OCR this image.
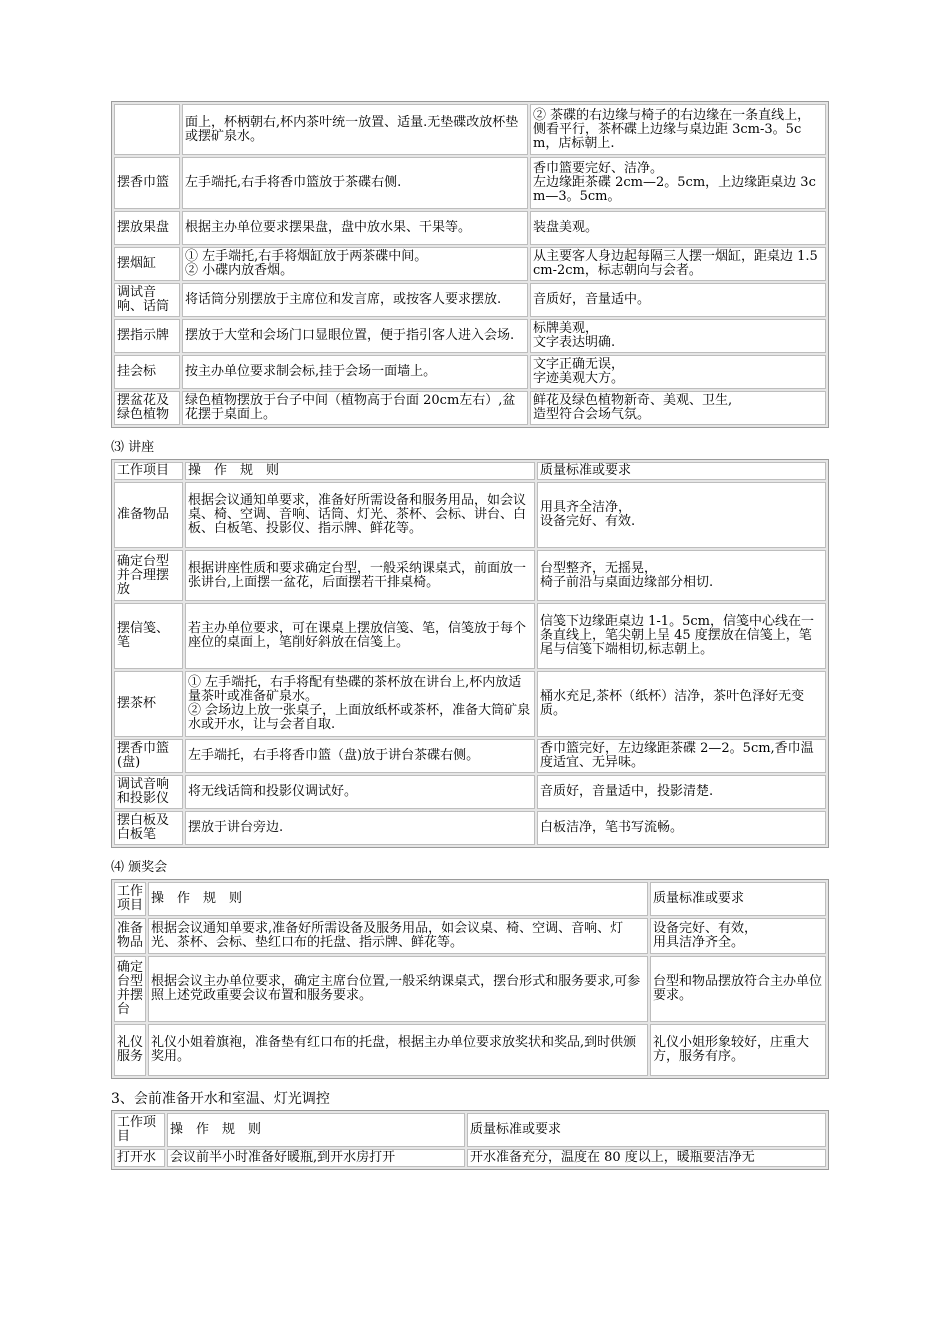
	面上，杯柄朝右,杯内茶叶统一放置、适量.无垫碟改放杯垫或摆矿泉水。	② 茶碟的右边缘与椅子的右边缘在一条直线上，侧看平行，茶杯碟上边缘与桌边距 3cm-3。5cm，店标朝上.
摆香巾篮	左手端托,右手将香巾篮放于茶碟右侧.	香巾篮要完好、洁净。
左边缘距茶碟 2cm—2。5cm，上边缘距桌边 3cm—3。5cm。
摆放果盘	根据主办单位要求摆果盘，盘中放水果、干果等。	装盘美观。
摆烟缸	① 左手端托,右手将烟缸放于两茶碟中间。
② 小碟内放香烟。	从主要客人身边起每隔三人摆一烟缸，距桌边 1.5cm-2cm，标志朝向与会者。
调试音响、话筒	将话筒分别摆放于主席位和发言席，或按客人要求摆放.	音质好，音量适中。
摆指示牌	摆放于大堂和会场门口显眼位置，便于指引客人进入会场.	标牌美观，
文字表达明确.
挂会标	按主办单位要求制会标,挂于会场一面墙上。	文字正确无误，
字迹美观大方。
摆盆花及绿色植物	绿色植物摆放于台子中间（植物高于台面 20cm左右）,盆花摆于桌面上。	鲜花及绿色植物新奇、美观、卫生,
造型符合会场气氛。
⑶ 讲座
工作项目	操　作　规　则	质量标准或要求
准备物品	根据会议通知单要求，准备好所需设备和服务用品，如会议桌、椅、空调、音响、话筒、灯光、茶杯、会标、讲台、白板、白板笔、投影仪、指示牌、鲜花等。	用具齐全洁净，
设备完好、有效.
确定台型并合理摆放	根据讲座性质和要求确定台型，一般采纳课桌式，前面放一张讲台,上面摆一盆花，后面摆若干排桌椅。	台型整齐，无摇晃，
椅子前沿与桌面边缘部分相切.
摆信笺、笔	若主办单位要求，可在课桌上摆放信笺、笔，信笺放于每个座位的桌面上，笔削好斜放在信笺上。	信笺下边缘距桌边 1-1。5cm，信笺中心线在一条直线上，笔尖朝上呈 45 度摆放在信笺上，笔尾与信笺下端相切,标志朝上。
摆茶杯	① 左手端托，右手将配有垫碟的茶杯放在讲台上,杯内放适量茶叶或准备矿泉水。
② 会场边上放一张桌子，上面放纸杯或茶杯，准备大筒矿泉水或开水，让与会者自取.	桶水充足,茶杯（纸杯）洁净，茶叶色泽好无变质。
摆香巾篮(盘)	左手端托，右手将香巾篮（盘)放于讲台茶碟右侧。	香巾篮完好，左边缘距茶碟 2—2。5cm,香巾温度适宜、无异味。
调试音响和投影仪	将无线话筒和投影仪调试好。	音质好，音量适中，投影清楚.
摆白板及白板笔	摆放于讲台旁边.	白板洁净，笔书写流畅。
⑷ 颁奖会
工作项目	操　作　规　则	质量标准或要求
准备物品	根据会议通知单要求,准备好所需设备及服务用品，如会议桌、椅、空调、音响、灯光、茶杯、会标、垫红口布的托盘、指示牌、鲜花等。	设备完好、有效，
用具洁净齐全。
确定台型并摆台	根据会议主办单位要求，确定主席台位置,一般采纳课桌式，摆台形式和服务要求,可参照上述党政重要会议布置和服务要求。	台型和物品摆放符合主办单位要求。
礼仪服务	礼仪小姐着旗袍，准备垫有红口布的托盘，根据主办单位要求放奖状和奖品,到时供颁奖用。	礼仪小姐形象较好，庄重大方，服务有序。
3、会前准备开水和室温、灯光调控
工作项目	操　作　规　则	质量标准或要求
打开水	会议前半小时准备好暖瓶,到开水房打开	开水准备充分，温度在 80 度以上，暖瓶要洁净无
